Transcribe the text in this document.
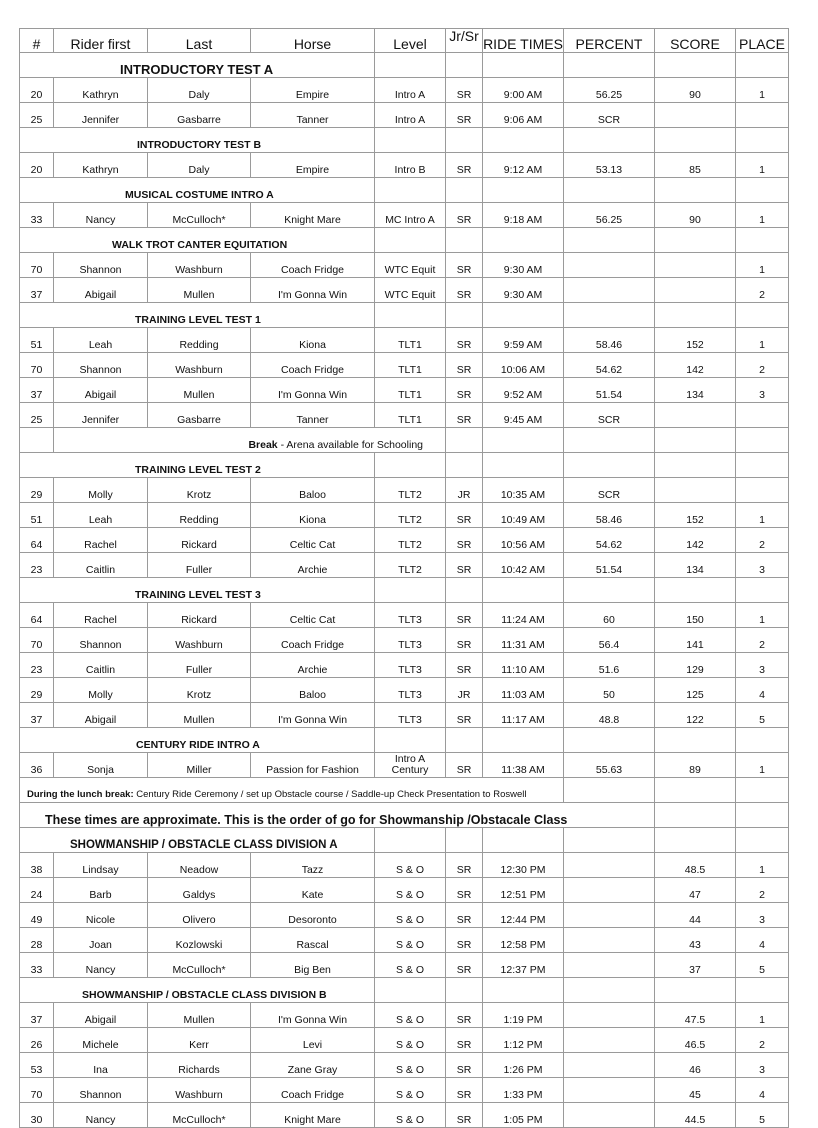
#	Rider first	Last	Horse	Level	Jr/Sr	RIDE TIMES	PERCENT	SCORE	PLACE
INTRODUCTORY TEST A									
20	Kathryn	Daly	Empire	Intro A	SR	9:00 AM	56.25	90	1
25	Jennifer	Gasbarre	Tanner	Intro A	SR	9:06 AM	SCR		
INTRODUCTORY TEST B									
20	Kathryn	Daly	Empire	Intro B	SR	9:12 AM	53.13	85	1
MUSICAL COSTUME INTRO A									
33	Nancy	McCulloch*	Knight Mare	MC Intro A	SR	9:18 AM	56.25	90	1
WALK TROT CANTER EQUITATION									
70	Shannon	Washburn	Coach Fridge	WTC Equit	SR	9:30 AM			1
37	Abigail	Mullen	I'm Gonna Win	WTC Equit	SR	9:30 AM			2
TRAINING LEVEL TEST 1									
51	Leah	Redding	Kiona	TLT1	SR	9:59 AM	58.46	152	1
70	Shannon	Washburn	Coach Fridge	TLT1	SR	10:06 AM	54.62	142	2
37	Abigail	Mullen	I'm Gonna Win	TLT1	SR	9:52 AM	51.54	134	3
25	Jennifer	Gasbarre	Tanner	TLT1	SR	9:45 AM	SCR		
	Break - Arena available for Schooling								
TRAINING LEVEL TEST 2									
29	Molly	Krotz	Baloo	TLT2	JR	10:35 AM	SCR		
51	Leah	Redding	Kiona	TLT2	SR	10:49 AM	58.46	152	1
64	Rachel	Rickard	Celtic Cat	TLT2	SR	10:56 AM	54.62	142	2
23	Caitlin	Fuller	Archie	TLT2	SR	10:42 AM	51.54	134	3
TRAINING LEVEL TEST 3									
64	Rachel	Rickard	Celtic Cat	TLT3	SR	11:24 AM	60	150	1
70	Shannon	Washburn	Coach Fridge	TLT3	SR	11:31 AM	56.4	141	2
23	Caitlin	Fuller	Archie	TLT3	SR	11:10 AM	51.6	129	3
29	Molly	Krotz	Baloo	TLT3	JR	11:03 AM	50	125	4
37	Abigail	Mullen	I'm Gonna Win	TLT3	SR	11:17 AM	48.8	122	5
CENTURY RIDE INTRO A									
36	Sonja	Miller	Passion for Fashion	Intro A Century	SR	11:38 AM	55.63	89	1
During the lunch break: Century Ride Ceremony / set up Obstacle course / Saddle-up Check Presentation to Roswell									
These times are approximate. This is the order of go for Showmanship /Obstacale Class									
SHOWMANSHIP / OBSTACLE CLASS DIVISION A									
38	Lindsay	Neadow	Tazz	S & O	SR	12:30 PM		48.5	1
24	Barb	Galdys	Kate	S & O	SR	12:51 PM		47	2
49	Nicole	Olivero	Desoronto	S & O	SR	12:44 PM		44	3
28	Joan	Kozlowski	Rascal	S & O	SR	12:58 PM		43	4
33	Nancy	McCulloch*	Big Ben	S & O	SR	12:37 PM		37	5
SHOWMANSHIP / OBSTACLE CLASS DIVISION B									
37	Abigail	Mullen	I'm Gonna Win	S & O	SR	1:19 PM		47.5	1
26	Michele	Kerr	Levi	S & O	SR	1:12 PM		46.5	2
53	Ina	Richards	Zane Gray	S & O	SR	1:26 PM		46	3
70	Shannon	Washburn	Coach Fridge	S & O	SR	1:33 PM		45	4
30	Nancy	McCulloch*	Knight Mare	S & O	SR	1:05 PM		44.5	5
